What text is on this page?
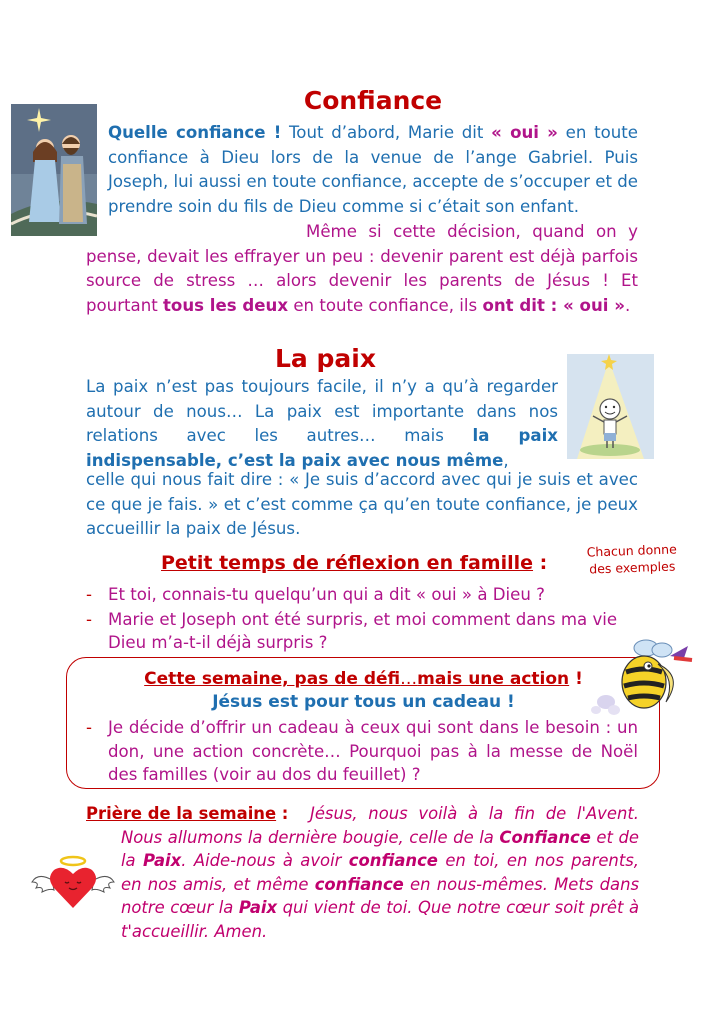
Confiance

Quelle confiance ! Tout d’abord, Marie dit « oui » en toute confiance à Dieu lors de la venue de l’ange Gabriel. Puis Joseph, lui aussi en toute confiance, accepte de s’occuper et de prendre soin du fils de Dieu comme si c’était son enfant.

Même si cette décision, quand on y pense, devait les effrayer un peu : devenir parent est déjà parfois source de stress … alors devenir les parents de Jésus ! Et pourtant tous les deux en toute confiance, ils ont dit : « oui ».

La paix

La paix n’est pas toujours facile, il n’y a qu’à regarder autour de nous… La paix est importante dans nos relations avec les autres… mais la paix indispensable, c’est la paix avec nous même,

celle qui nous fait dire : « Je suis d’accord avec qui je suis et avec ce que je fais. » et c’est comme ça qu’en toute confiance, je peux accueillir la paix de Jésus.

Petit temps de réflexion en famille :
Chacun donne des exemples
- Et toi, connais-tu quelqu’un qui a dit « oui » à Dieu ?
- Marie et Joseph ont été surpris, et moi comment dans ma vie Dieu m’a-t-il déjà surpris ?
Cette semaine, pas de défi…mais une action !
Jésus est pour tous un cadeau !
- Je décide d’offrir un cadeau à ceux qui sont dans le besoin : un don, une action concrète… Pourquoi pas à la messe de Noël des familles (voir au dos du feuillet) ?
Prière de la semaine :	Jésus, nous voilà à la fin de l'Avent. Nous allumons la dernière bougie, celle de la Confiance et de la Paix. Aide-nous à avoir confiance en toi, en nos parents, en nos amis, et même confiance en nous-mêmes. Mets dans notre cœur la Paix qui vient de toi. Que notre cœur soit prêt à t'accueillir. Amen.
